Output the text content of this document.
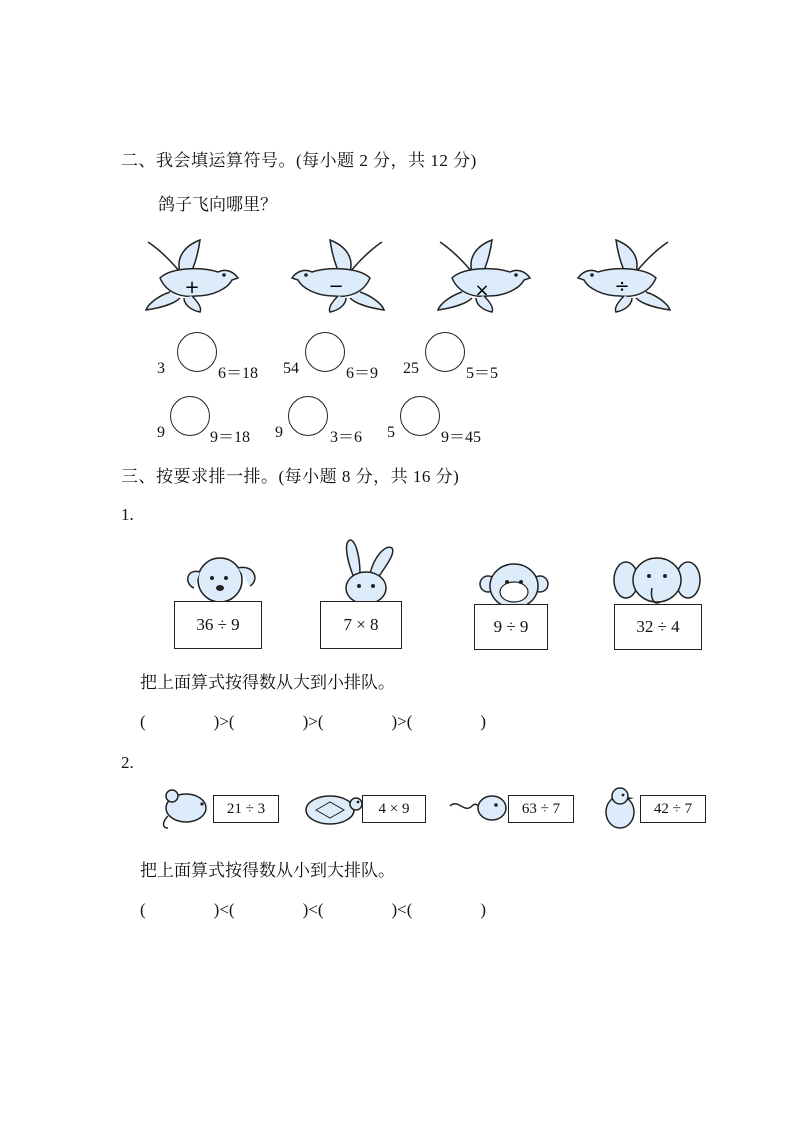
二、我会填运算符号。(每小题 2 分，共 12 分)
鸽子飞向哪里？
+	−	×	÷
3	6＝18 54	6＝9 25	5＝5
9	9＝18 9	3＝6 5	9＝45
三、按要求排一排。(每小题 8 分，共 16 分)
1.
36 ÷ 9	7 × 8	9 ÷ 9	32 ÷ 4
把上面算式按得数从大到小排队。
(                )>(                )>(                )>(                )
2.
21 ÷ 3	4 × 9	63 ÷ 7	42 ÷ 7
把上面算式按得数从小到大排队。
(                )<(                )<(                )<(                )
